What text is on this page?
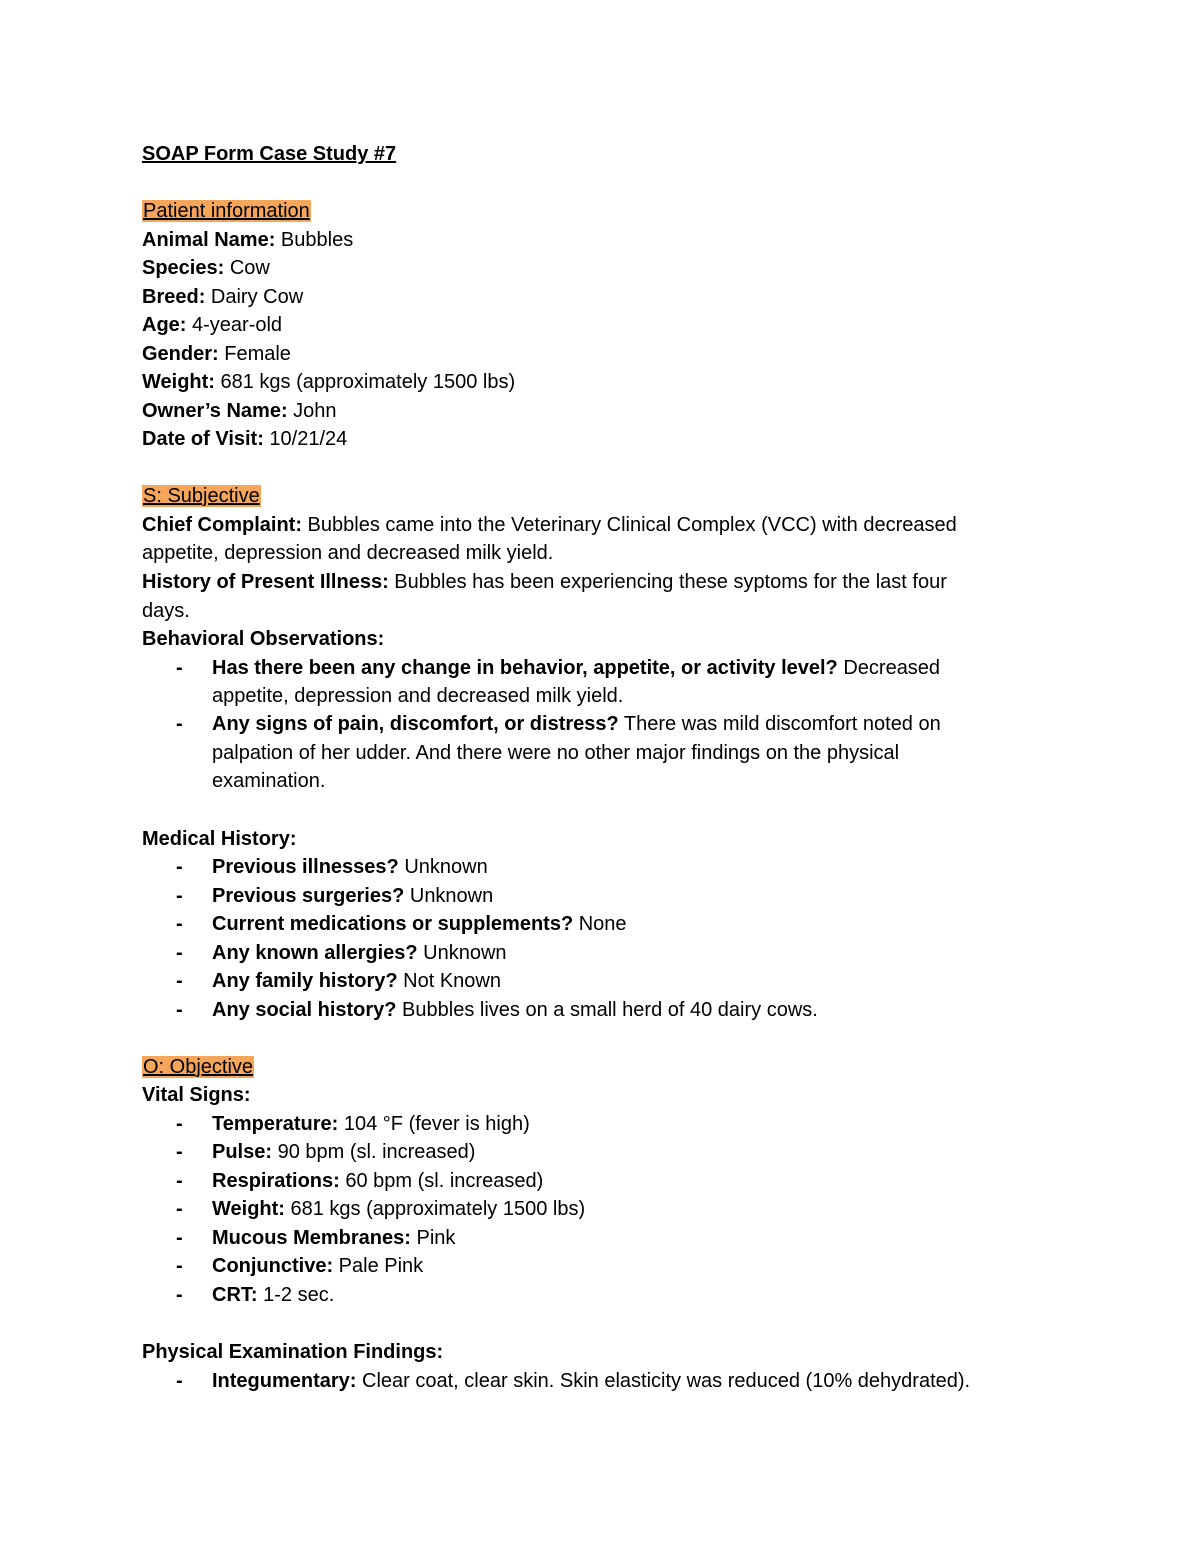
SOAP Form Case Study #7
Patient information
Animal Name: Bubbles
Species: Cow
Breed: Dairy Cow
Age: 4-year-old
Gender: Female
Weight: 681 kgs (approximately 1500 lbs)
Owner’s Name: John
Date of Visit: 10/21/24
S: Subjective
Chief Complaint: Bubbles came into the Veterinary Clinical Complex (VCC) with decreased
appetite, depression and decreased milk yield.
History of Present Illness: Bubbles has been experiencing these syptoms for the last four
days.
Behavioral Observations:
- Has there been any change in behavior, appetite, or activity level? Decreased
appetite, depression and decreased milk yield.
- Any signs of pain, discomfort, or distress? There was mild discomfort noted on
palpation of her udder. And there were no other major findings on the physical
examination.
Medical History:
- Previous illnesses? Unknown
- Previous surgeries? Unknown
- Current medications or supplements? None
- Any known allergies? Unknown
- Any family history? Not Known
- Any social history? Bubbles lives on a small herd of 40 dairy cows.
O: Objective
Vital Signs:
- Temperature: 104 °F (fever is high)
- Pulse: 90 bpm (sl. increased)
- Respirations: 60 bpm (sl. increased)
- Weight: 681 kgs (approximately 1500 lbs)
- Mucous Membranes: Pink
- Conjunctive: Pale Pink
- CRT: 1-2 sec.
Physical Examination Findings:
- Integumentary: Clear coat, clear skin. Skin elasticity was reduced (10% dehydrated).
